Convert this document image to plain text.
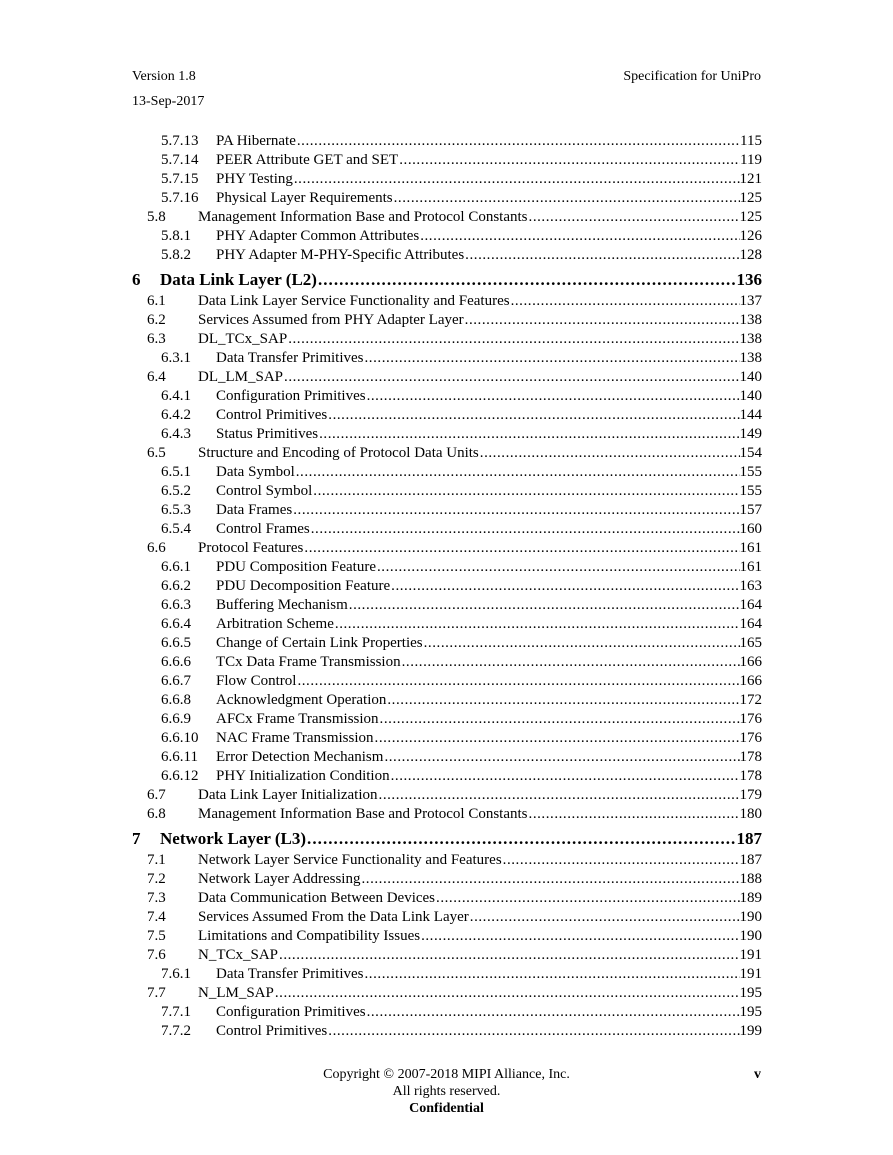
Version 1.8
13-Sep-2017
Specification for UniPro
5.7.13 PA Hibernate . . .	115
5.7.14 PEER Attribute GET and SET . . .	119
5.7.15 PHY Testing . . .	121
5.7.16 Physical Layer Requirements . . .	125
5.8 Management Information Base and Protocol Constants . . .	125
5.8.1 PHY Adapter Common Attributes . . .	126
5.8.2 PHY Adapter M-PHY-Specific Attributes . . .	128
6 Data Link Layer (L2) . . .	136
6.1 Data Link Layer Service Functionality and Features . . .	137
6.2 Services Assumed from PHY Adapter Layer . . .	138
6.3 DL_TCx_SAP . . .	138
6.3.1 Data Transfer Primitives . . .	138
6.4 DL_LM_SAP . . .	140
6.4.1 Configuration Primitives . . .	140
6.4.2 Control Primitives . . .	144
6.4.3 Status Primitives . . .	149
6.5 Structure and Encoding of Protocol Data Units . . .	154
6.5.1 Data Symbol . . .	155
6.5.2 Control Symbol . . .	155
6.5.3 Data Frames . . .	157
6.5.4 Control Frames . . .	160
6.6 Protocol Features . . .	161
6.6.1 PDU Composition Feature . . .	161
6.6.2 PDU Decomposition Feature . . .	163
6.6.3 Buffering Mechanism . . .	164
6.6.4 Arbitration Scheme . . .	164
6.6.5 Change of Certain Link Properties . . .	165
6.6.6 TCx Data Frame Transmission . . .	166
6.6.7 Flow Control . . .	166
6.6.8 Acknowledgment Operation . . .	172
6.6.9 AFCx Frame Transmission . . .	176
6.6.10 NAC Frame Transmission . . .	176
6.6.11 Error Detection Mechanism . . .	178
6.6.12 PHY Initialization Condition . . .	178
6.7 Data Link Layer Initialization . . .	179
6.8 Management Information Base and Protocol Constants . . .	180
7 Network Layer (L3) . . .	187
7.1 Network Layer Service Functionality and Features . . .	187
7.2 Network Layer Addressing . . .	188
7.3 Data Communication Between Devices . . .	189
7.4 Services Assumed From the Data Link Layer . . .	190
7.5 Limitations and Compatibility Issues . . .	190
7.6 N_TCx_SAP . . .	191
7.6.1 Data Transfer Primitives . . .	191
7.7 N_LM_SAP . . .	195
7.7.1 Configuration Primitives . . .	195
7.7.2 Control Primitives . . .	199
Copyright © 2007-2018 MIPI Alliance, Inc.
All rights reserved.
Confidential
v
